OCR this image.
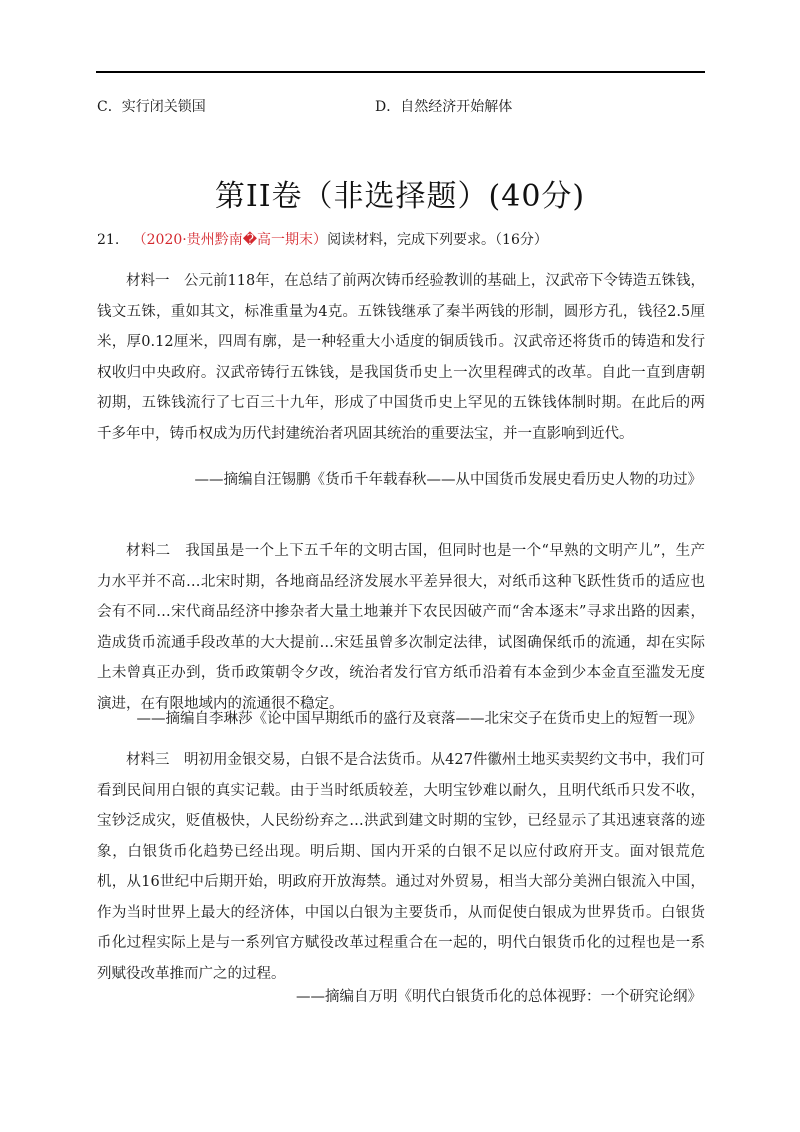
C．实行闭关锁国	D．自然经济开始解体
第II卷（非选择题）(40分)
21. （2020·贵州黔南�高一期末）阅读材料，完成下列要求。（16分）

材料一　公元前118年，在总结了前两次铸币经验教训的基础上，汉武帝下令铸造五铢钱，钱文五铢，重如其文，标准重量为4克。五铢钱继承了秦半两钱的形制，圆形方孔，钱径2.5厘米，厚0.12厘米，四周有廓，是一种轻重大小适度的铜质钱币。汉武帝还将货币的铸造和发行权收归中央政府。汉武帝铸行五铢钱，是我国货币史上一次里程碑式的改革。自此一直到唐朝初期，五铢钱流行了七百三十九年，形成了中国货币史上罕见的五铢钱体制时期。在此后的两千多年中，铸币权成为历代封建统治者巩固其统治的重要法宝，并一直影响到近代。

——摘编自汪锡鹏《货币千年载春秋——从中国货币发展史看历史人物的功过》

材料二　我国虽是一个上下五千年的文明古国，但同时也是一个“早熟的文明产儿”，生产力水平并不高…北宋时期，各地商品经济发展水平差异很大，对纸币这种飞跃性货币的适应也会有不同…宋代商品经济中掺杂者大量土地兼并下农民因破产而“舍本逐末”寻求出路的因素，造成货币流通手段改革的大大提前…宋廷虽曾多次制定法律，试图确保纸币的流通，却在实际上未曾真正办到，货币政策朝令夕改，统治者发行官方纸币沿着有本金到少本金直至滥发无度演进，在有限地域内的流通很不稳定。

——摘编自李琳莎《论中国早期纸币的盛行及衰落——北宋交子在货币史上的短暂一现》

材料三　明初用金银交易，白银不是合法货币。从427件徽州土地买卖契约文书中，我们可看到民间用白银的真实记载。由于当时纸质较差，大明宝钞难以耐久，且明代纸币只发不收，宝钞泛成灾，贬值极快，人民纷纷弃之…洪武到建文时期的宝钞，已经显示了其迅速衰落的迹象，白银货币化趋势已经出现。明后期、国内开采的白银不足以应付政府开支。面对银荒危机，从16世纪中后期开始，明政府开放海禁。通过对外贸易，相当大部分美洲白银流入中国，作为当时世界上最大的经济体，中国以白银为主要货币，从而促使白银成为世界货币。白银货币化过程实际上是与一系列官方赋役改革过程重合在一起的，明代白银货币化的过程也是一系列赋役改革推而广之的过程。

——摘编自万明《明代白银货币化的总体视野：一个研究论纲》
